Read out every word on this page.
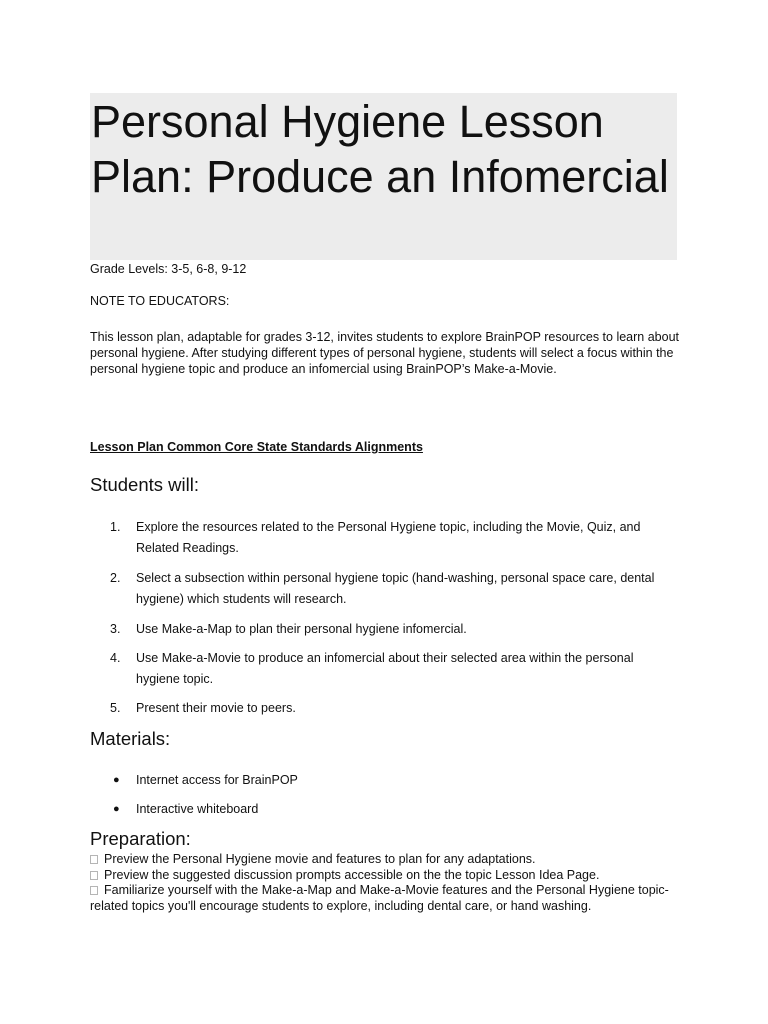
Personal Hygiene Lesson Plan: Produce an Infomercial
Grade Levels: 3-5, 6-8, 9-12
NOTE TO EDUCATORS:
This lesson plan, adaptable for grades 3-12, invites students to explore BrainPOP resources to learn about personal hygiene. After studying different types of personal hygiene, students will select a focus within the personal hygiene topic and produce an infomercial using BrainPOP’s Make-a-Movie.
Lesson Plan Common Core State Standards Alignments
Students will:
1.	Explore the resources related to the Personal Hygiene topic, including the Movie, Quiz, and Related Readings.
2.	Select a subsection within personal hygiene topic (hand-washing, personal space care, dental hygiene) which students will research.
3.	Use Make-a-Map to plan their personal hygiene infomercial.
4.	Use Make-a-Movie to produce an infomercial about their selected area within the personal hygiene topic.
5.	Present their movie to peers.
Materials:
● Internet access for BrainPOP
● Interactive whiteboard
Preparation:
Preview the Personal Hygiene movie and features to plan for any adaptations.
Preview the suggested discussion prompts accessible on the the topic Lesson Idea Page.
Familiarize yourself with the Make-a-Map and Make-a-Movie features and the Personal Hygiene topic-related topics you'll encourage students to explore, including dental care, or hand washing.
